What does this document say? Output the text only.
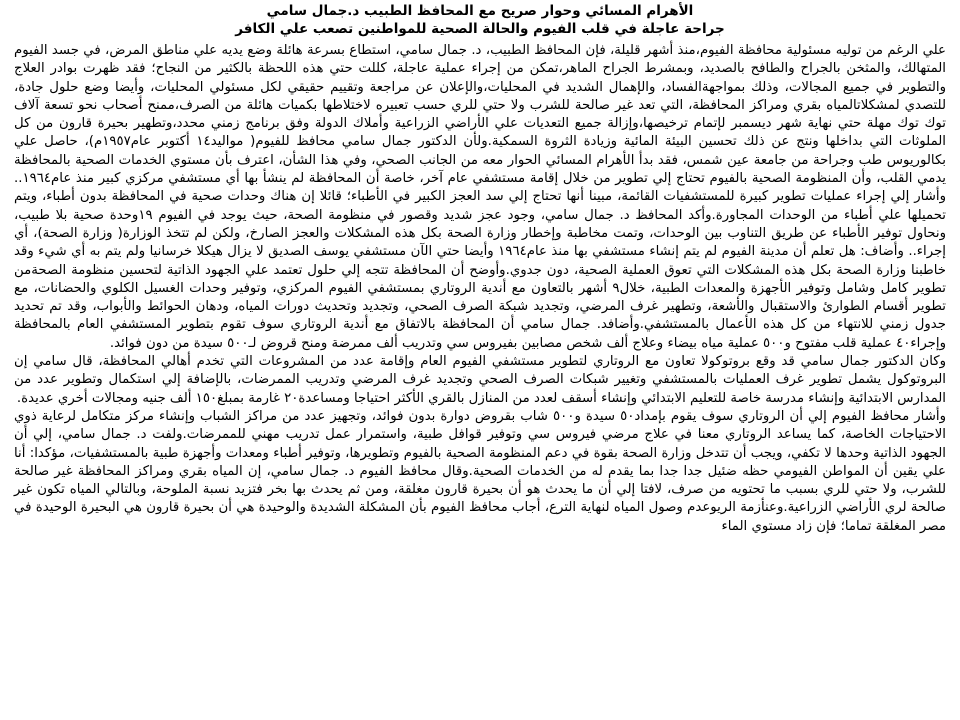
الأهرام المسائي وحوار صريح مع المحافظ الطبيب د.جمال سامي
جراحة عاجلة في قلب الفيوم والحالة الصحية للمواطنين تصعب علي الكافر

علي الرغم من توليه مسئولية محافظة الفيوم،منذ أشهر قليلة، فإن المحافظ الطبيب، د. جمال سامي، استطاع بسرعة هائلة وضع يديه علي مناطق المرض، في جسد الفيوم المتهالك، والمثخن بالجراح والطافح بالصديد، وبمشرط الجراح الماهر،تمكن من إجراء عملية عاجلة، كللت حتي هذه اللحظة بالكثير من النجاح؛ فقد ظهرت بوادر العلاج والتطوير في جميع المجالات، وذلك بمواجهةالفساد، والإهمال الشديد في المحليات،والإعلان عن مراجعة وتقييم حقيقي لكل مسئولي المحليات، وأيضا وضع حلول جادة، للتصدي لمشكلاتالمياه بقري ومراكز المحافظة، التي تعد غير صالحة للشرب ولا حتي للري حسب تعبيره لاختلاطها بكميات هائلة من الصرف،ممنح أصحاب نحو تسعة آلاف توك توك مهلة حتي نهاية شهر ديسمبر لإتمام ترخيصها،وإزالة جميع التعديات علي الأراضي الزراعية وأملاك الدولة وفق برنامج زمني محدد،وتطهير بحيرة قارون من كل الملوثات التي بداخلها ونتج عن ذلك تحسين البيئة المائية وزيادة الثروة السمكية.ولأن الدكتور جمال سامي محافظ للفيوم( مواليد١٤ أكتوبر عام١٩٥٧م)، حاصل علي بكالوريوس طب وجراحة من جامعة عين شمس، فقد بدأ الأهرام المسائي الحوار معه من الجانب الصحي، وفي هذا الشأن، اعترف بأن مستوي الخدمات الصحية بالمحافظة يدمي القلب، وأن المنظومة الصحية بالفيوم تحتاج إلي تطوير من خلال إقامة مستشفي عام آخر، خاصة أن المحافظة لم ينشأ بها أي مستشفي مركزي كبير منذ عام١٩٦٤.. وأشار إلي إجراء عمليات تطوير كبيرة للمستشفيات القائمة، مبينا أنها تحتاج إلي سد العجز الكبير في الأطباء؛ قائلا إن هناك وحدات صحية في المحافظة بدون أطباء، ويتم تحميلها علي أطباء من الوحدات المجاورة.وأكد المحافظ د. جمال سامي، وجود عجز شديد وقصور في منظومة الصحة، حيث يوجد في الفيوم ١٩وحدة صحية بلا طبيب، ونحاول توفير الأطباء عن طريق التناوب بين الوحدات، وتمت مخاطبة وإخطار وزارة الصحة بكل هذه المشكلات والعجز الصارخ، ولكن لم تتخذ الوزارة( وزارة الصحة)، أي إجراء.. وأضاف: هل تعلم أن مدينة الفيوم لم يتم إنشاء مستشفي بها منذ عام١٩٦٤ وأيضا حتي الآن مستشفي يوسف الصديق لا يزال هيكلا خرسانيا ولم يتم به أي شيء وقد خاطبنا وزارة الصحة بكل هذه المشكلات التي تعوق العملية الصحية، دون جدوي.وأوضح أن المحافظة تتجه إلي حلول تعتمد علي الجهود الذاتية لتحسين منظومة الصحةمن تطوير كامل وشامل وتوفير الأجهزة والمعدات الطبية، خلال٩ أشهر بالتعاون مع أندية الروتاري بمستشفي الفيوم المركزي، وتوفير وحدات الغسيل الكلوي والحضانات، مع تطوير أقسام الطوارئ والاستقبال والأشعة، وتطهير غرف المرضي، وتجديد شبكة الصرف الصحي، وتجديد وتحديث دورات المياه، ودهان الحوائط والأبواب، وقد تم تحديد جدول زمني للانتهاء من كل هذه الأعمال بالمستشفي.وأضافد. جمال سامي أن المحافظة بالاتفاق مع أندية الروتاري سوف تقوم بتطوير المستشفي العام بالمحافظة وإجراء٤٠ عملية قلب مفتوح و٥٠٠ عملية مياه بيضاء وعلاج ألف شخص مصابين بفيروس سي وتدريب ألف ممرضة ومنح قروض لـ٥٠٠ سيدة من دون فوائد.

وكان الدكتور جمال سامي قد وقع بروتوكولا تعاون مع الروتاري لتطوير مستشفي الفيوم العام وإقامة عدد من المشروعات التي تخدم أهالي المحافظة، قال سامي إن البروتوكول يشمل تطوير غرف العمليات بالمستشفي وتغيير شبكات الصرف الصحي وتجديد غرف المرضي وتدريب الممرضات، بالإضافة إلي استكمال وتطوير عدد من المدارس الابتدائية وإنشاء مدرسة خاصة للتعليم الابتدائي وإنشاء أسقف لعدد من المنازل بالقري الأكثر احتياجا ومساعدة٢٠ غارمة بمبلغ١٥٠ ألف جنيه ومجالات أخري عديدة.

وأشار محافظ الفيوم إلي أن الروتاري سوف يقوم بإمداد٥٠ سيدة و٥٠٠ شاب بقروض دوارة بدون فوائد، وتجهيز عدد من مراكز الشباب وإنشاء مركز متكامل لرعاية ذوي الاحتياجات الخاصة، كما يساعد الروتاري معنا في علاج مرضي فيروس سي وتوفير قوافل طبية، واستمرار عمل تدريب مهني للممرضات.ولفت د. جمال سامي، إلي أن الجهود الذاتية وحدها لا تكفي، ويجب أن تتدخل وزارة الصحة بقوة في دعم المنظومة الصحية بالفيوم وتطويرها، وتوفير أطباء ومعدات وأجهزة طبية بالمستشفيات، مؤكدا: أنا علي يقين أن المواطن الفيومي حظه ضئيل جدا جدا بما يقدم له من الخدمات الصحية.وقال محافظ الفيوم د. جمال سامي، إن المياه بقري ومراكز المحافظة غير صالحة للشرب، ولا حتي للري بسبب ما تحتويه من صرف، لافتا إلي أن ما يحدث هو أن بحيرة قارون مغلقة، ومن ثم يحدث بها بخر فتزيد نسبة الملوحة، وبالتالي المياه تكون غير صالحة لري الأراضي الزراعية.وعنأزمة الريوعدم وصول المياه لنهاية الترع، أجاب محافظ الفيوم بأن المشكلة الشديدة والوحيدة هي أن بحيرة قارون هي البحيرة الوحيدة في مصر المغلقة تماما؛ فإن زاد مستوي الماء
